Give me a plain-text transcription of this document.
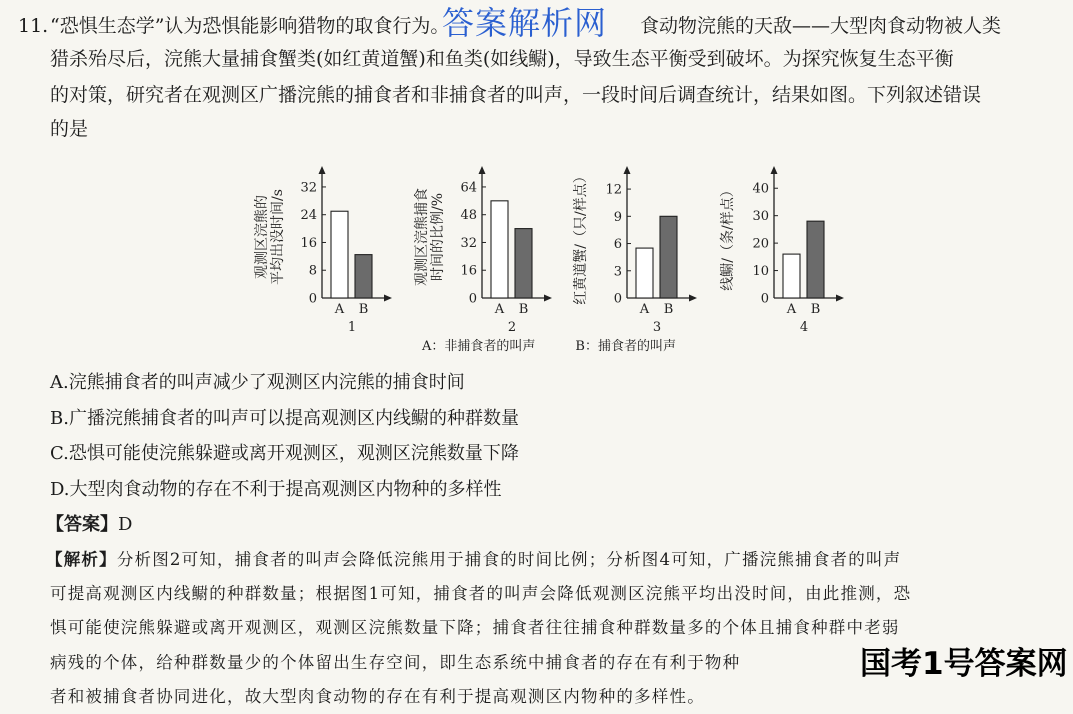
11. “恐惧生态学”认为恐惧能影响猎物的取食行为。	食动物浣熊的天敌——大型肉食动物被人类
答案解析网
猎杀殆尽后，浣熊大量捕食蟹类(如红黄道蟹)和鱼类(如线鳚)，导致生态平衡受到破坏。为探究恢复生态平衡
的对策，研究者在观测区广播浣熊的捕食者和非捕食者的叫声，一段时间后调查统计，结果如图。下列叙述错误
的是
0
8
16
24
32
A B
1
观测区浣熊的 平均出没时间/s
0
16
32
48
64
A B
2
观测区浣熊捕食 时间的比例/%
0
3
6
9
12
A B
3
红黄道蟹/（只/样点）	0
10
20
30
40
A B
4
线鳚/（条/样点）
A：非捕食者的叫声	B：捕食者的叫声
A.浣熊捕食者的叫声减少了观测区内浣熊的捕食时间
B.广播浣熊捕食者的叫声可以提高观测区内线鳚的种群数量
C.恐惧可能使浣熊躲避或离开观测区，观测区浣熊数量下降
D.大型肉食动物的存在不利于提高观测区内物种的多样性
【答案】D
【解析】分析图2可知，捕食者的叫声会降低浣熊用于捕食的时间比例；分析图4可知，广播浣熊捕食者的叫声
可提高观测区内线鳚的种群数量；根据图1可知，捕食者的叫声会降低观测区浣熊平均出没时间，由此推测，恐
惧可能使浣熊躲避或离开观测区，观测区浣熊数量下降；捕食者往往捕食种群数量多的个体且捕食种群中老弱
病残的个体，给种群数量少的个体留出生存空间，即生态系统中捕食者的存在有利于物种
者和被捕食者协同进化，故大型肉食动物的存在有利于提高观测区内物种的多样性。
国考1号答案网
